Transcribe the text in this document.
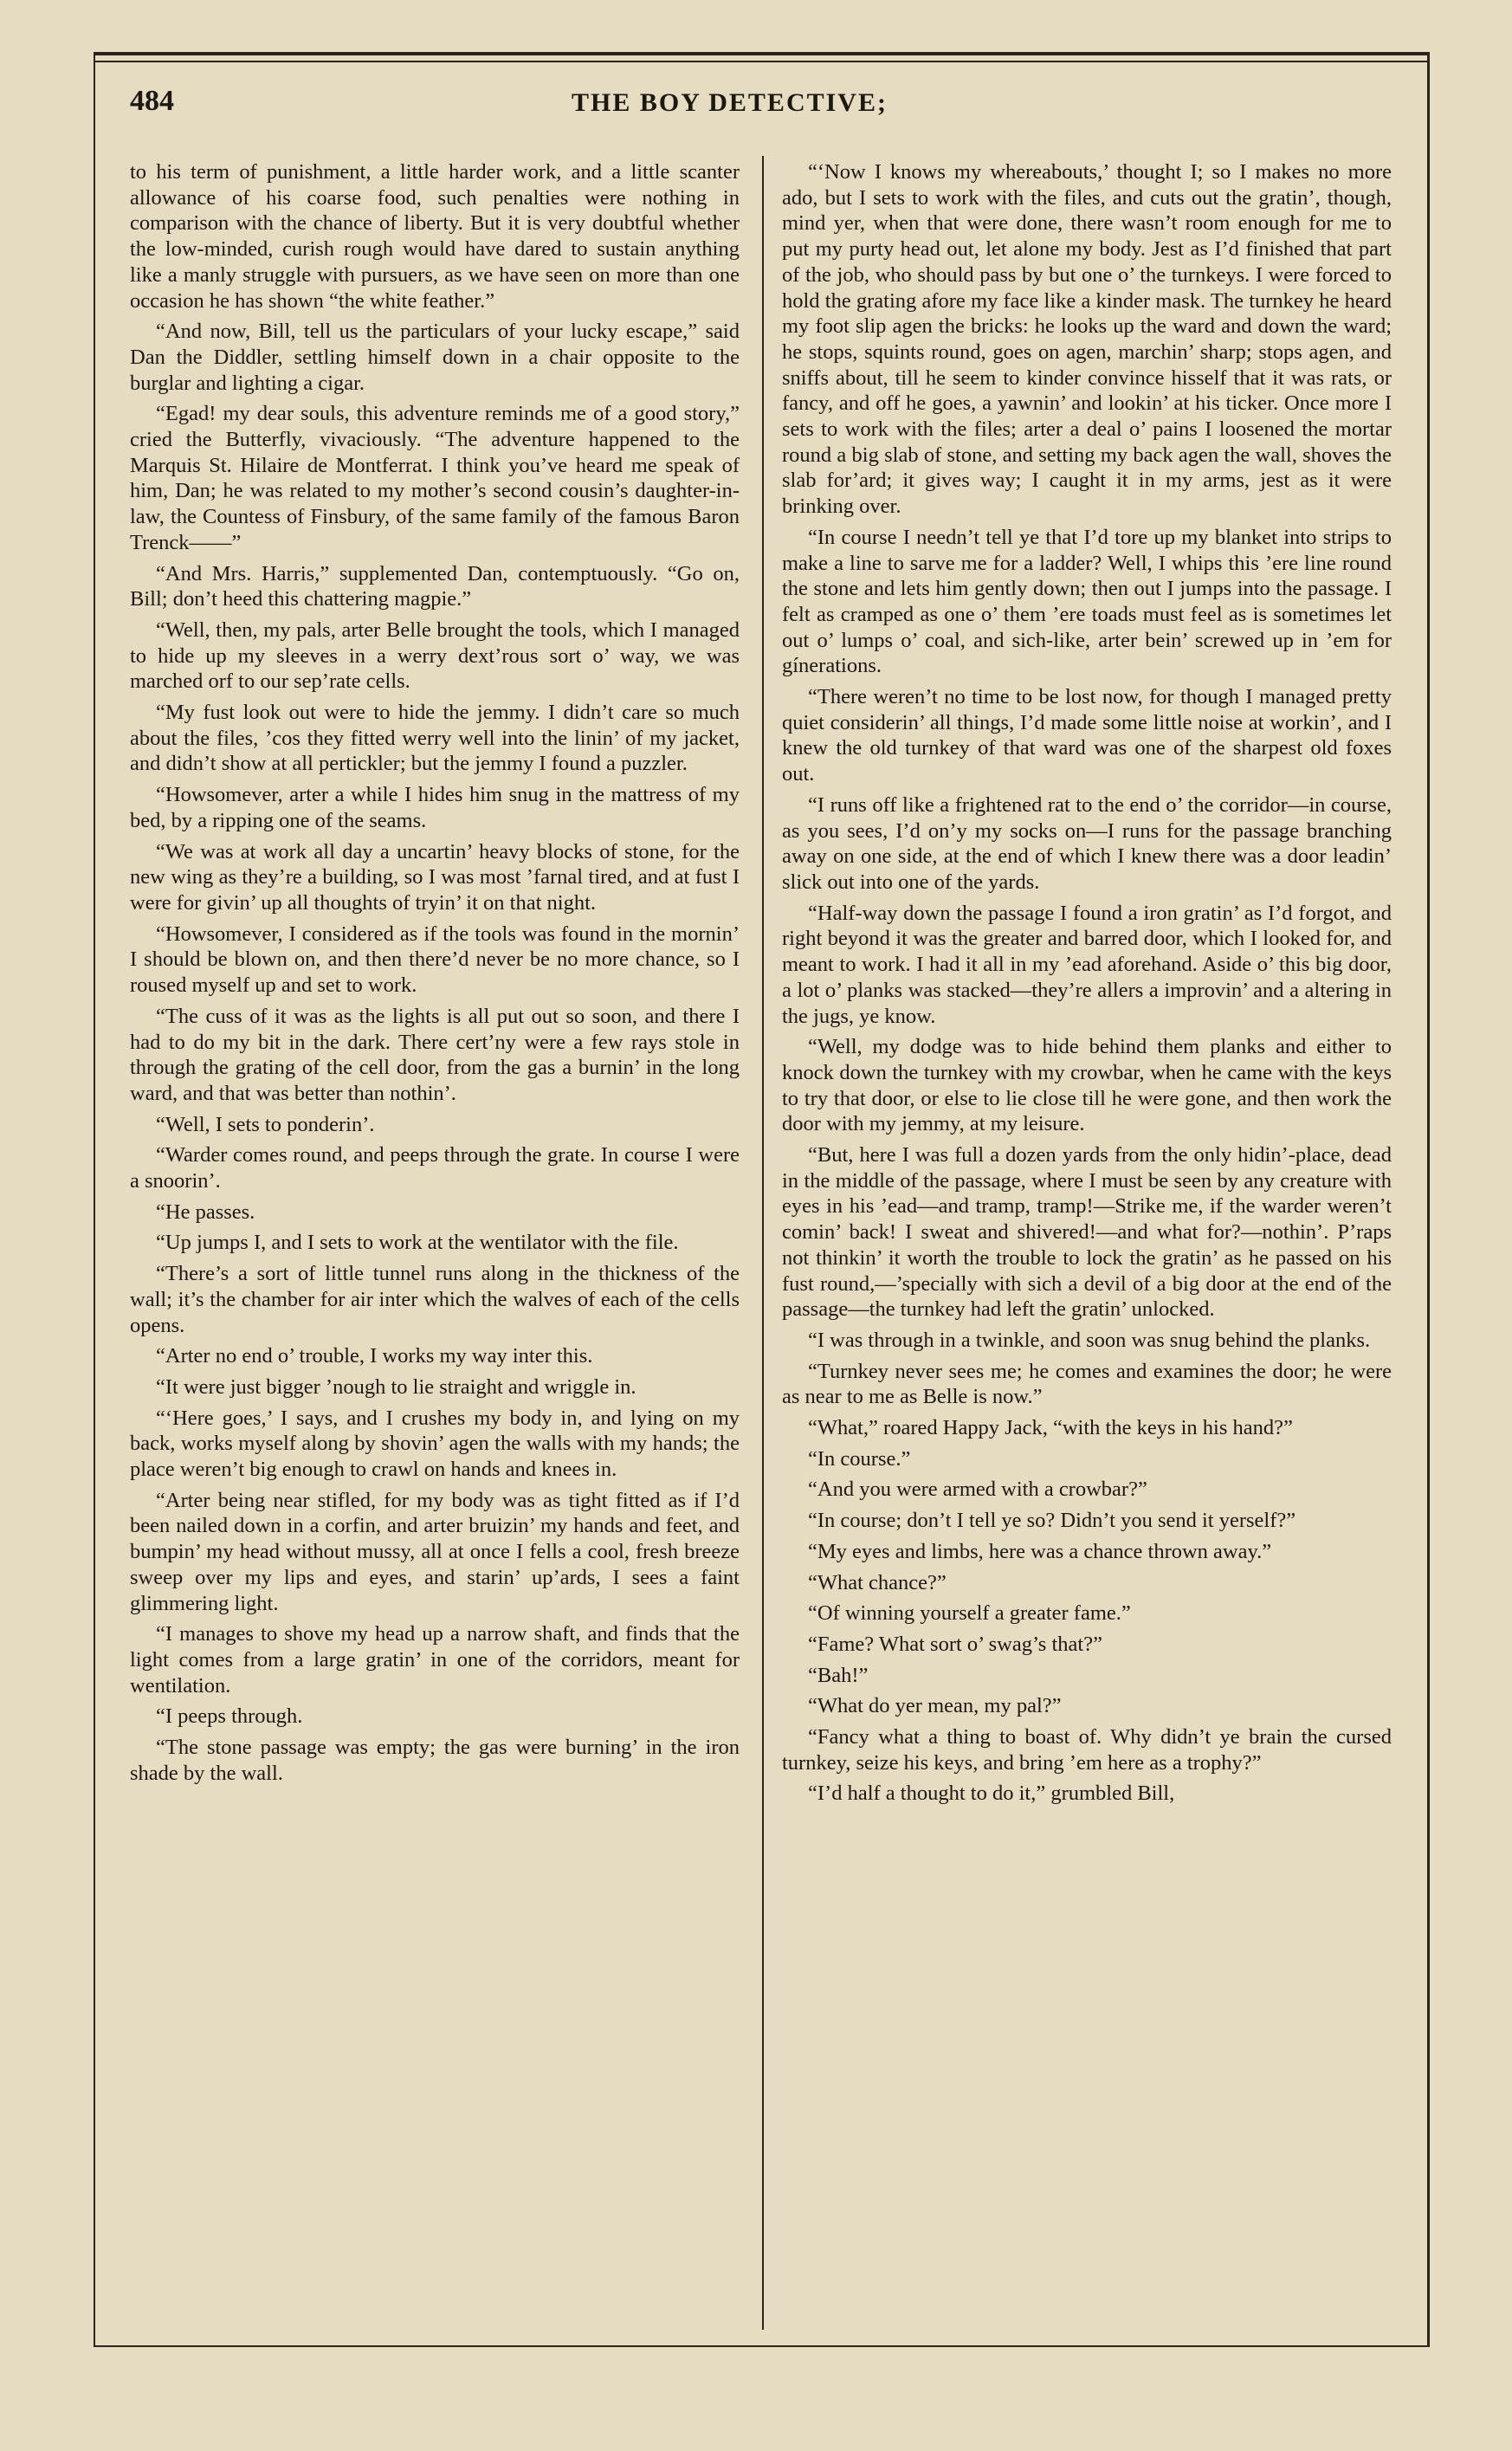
484	THE BOY DETECTIVE;

to his term of punishment, a little harder work, and a little scanter allowance of his coarse food, such penalties were nothing in comparison with the chance of liberty. But it is very doubtful whether the low-minded, curish rough would have dared to sustain anything like a manly struggle with pursuers, as we have seen on more than one occasion he has shown “the white feather.”

“And now, Bill, tell us the particulars of your lucky escape,” said Dan the Diddler, settling himself down in a chair opposite to the burglar and lighting a cigar.

“Egad! my dear souls, this adventure reminds me of a good story,” cried the Butterfly, vivaciously. “The adventure happened to the Marquis St. Hilaire de Montferrat. I think you’ve heard me speak of him, Dan; he was related to my mother’s second cousin’s daughter-in-law, the Countess of Finsbury, of the same family of the famous Baron Trenck——”

“And Mrs. Harris,” supplemented Dan, contemptuously. “Go on, Bill; don’t heed this chattering magpie.”

“Well, then, my pals, arter Belle brought the tools, which I managed to hide up my sleeves in a werry dext’rous sort o’ way, we was marched orf to our sep’rate cells.

“My fust look out were to hide the jemmy. I didn’t care so much about the files, ’cos they fitted werry well into the linin’ of my jacket, and didn’t show at all pertickler; but the jemmy I found a puzzler.

“Howsomever, arter a while I hides him snug in the mattress of my bed, by a ripping one of the seams.

“We was at work all day a uncartin’ heavy blocks of stone, for the new wing as they’re a building, so I was most ’farnal tired, and at fust I were for givin’ up all thoughts of tryin’ it on that night.

“Howsomever, I considered as if the tools was found in the mornin’ I should be blown on, and then there’d never be no more chance, so I roused myself up and set to work.

“The cuss of it was as the lights is all put out so soon, and there I had to do my bit in the dark. There cert’ny were a few rays stole in through the grating of the cell door, from the gas a burnin’ in the long ward, and that was better than nothin’.

“Well, I sets to ponderin’.

“Warder comes round, and peeps through the grate. In course I were a snoorin’.

“He passes.

“Up jumps I, and I sets to work at the wentilator with the file.

“There’s a sort of little tunnel runs along in the thickness of the wall; it’s the chamber for air inter which the walves of each of the cells opens.

“Arter no end o’ trouble, I works my way inter this.

“It were just bigger ’nough to lie straight and wriggle in.

“‘Here goes,’ I says, and I crushes my body in, and lying on my back, works myself along by shovin’ agen the walls with my hands; the place weren’t big enough to crawl on hands and knees in.

“Arter being near stifled, for my body was as tight fitted as if I’d been nailed down in a corfin, and arter bruizin’ my hands and feet, and bumpin’ my head without mussy, all at once I fells a cool, fresh breeze sweep over my lips and eyes, and starin’ up’ards, I sees a faint glimmering light.

“I manages to shove my head up a narrow shaft, and finds that the light comes from a large gratin’ in one of the corridors, meant for wentilation.

“I peeps through.

“The stone passage was empty; the gas were burning’ in the iron shade by the wall.

“‘Now I knows my whereabouts,’ thought I; so I makes no more ado, but I sets to work with the files, and cuts out the gratin’, though, mind yer, when that were done, there wasn’t room enough for me to put my purty head out, let alone my body. Jest as I’d finished that part of the job, who should pass by but one o’ the turnkeys. I were forced to hold the grating afore my face like a kinder mask. The turnkey he heard my foot slip agen the bricks: he looks up the ward and down the ward; he stops, squints round, goes on agen, marchin’ sharp; stops agen, and sniffs about, till he seem to kinder convince hisself that it was rats, or fancy, and off he goes, a yawnin’ and lookin’ at his ticker. Once more I sets to work with the files; arter a deal o’ pains I loosened the mortar round a big slab of stone, and setting my back agen the wall, shoves the slab for’ard; it gives way; I caught it in my arms, jest as it were brinking over.

“In course I needn’t tell ye that I’d tore up my blanket into strips to make a line to sarve me for a ladder? Well, I whips this ’ere line round the stone and lets him gently down; then out I jumps into the passage. I felt as cramped as one o’ them ’ere toads must feel as is sometimes let out o’ lumps o’ coal, and sich-like, arter bein’ screwed up in ’em for gínerations.

“There weren’t no time to be lost now, for though I managed pretty quiet considerin’ all things, I’d made some little noise at workin’, and I knew the old turnkey of that ward was one of the sharpest old foxes out.

“I runs off like a frightened rat to the end o’ the corridor—in course, as you sees, I’d on’y my socks on—I runs for the passage branching away on one side, at the end of which I knew there was a door leadin’ slick out into one of the yards.

“Half-way down the passage I found a iron gratin’ as I’d forgot, and right beyond it was the greater and barred door, which I looked for, and meant to work. I had it all in my ’ead aforehand. Aside o’ this big door, a lot o’ planks was stacked—they’re allers a improvin’ and a altering in the jugs, ye know.

“Well, my dodge was to hide behind them planks and either to knock down the turnkey with my crowbar, when he came with the keys to try that door, or else to lie close till he were gone, and then work the door with my jemmy, at my leisure.

“But, here I was full a dozen yards from the only hidin’-place, dead in the middle of the passage, where I must be seen by any creature with eyes in his ’ead—and tramp, tramp!—Strike me, if the warder weren’t comin’ back! I sweat and shivered!—and what for?—nothin’. P’raps not thinkin’ it worth the trouble to lock the gratin’ as he passed on his fust round,—’specially with sich a devil of a big door at the end of the passage—the turnkey had left the gratin’ unlocked.

“I was through in a twinkle, and soon was snug behind the planks.

“Turnkey never sees me; he comes and examines the door; he were as near to me as Belle is now.”

“What,” roared Happy Jack, “with the keys in his hand?”

“In course.”

“And you were armed with a crowbar?”

“In course; don’t I tell ye so? Didn’t you send it yerself?”

“My eyes and limbs, here was a chance thrown away.”

“What chance?”

“Of winning yourself a greater fame.”

“Fame? What sort o’ swag’s that?”

“Bah!”

“What do yer mean, my pal?”

“Fancy what a thing to boast of. Why didn’t ye brain the cursed turnkey, seize his keys, and bring ’em here as a trophy?”

“I’d half a thought to do it,” grumbled Bill,
